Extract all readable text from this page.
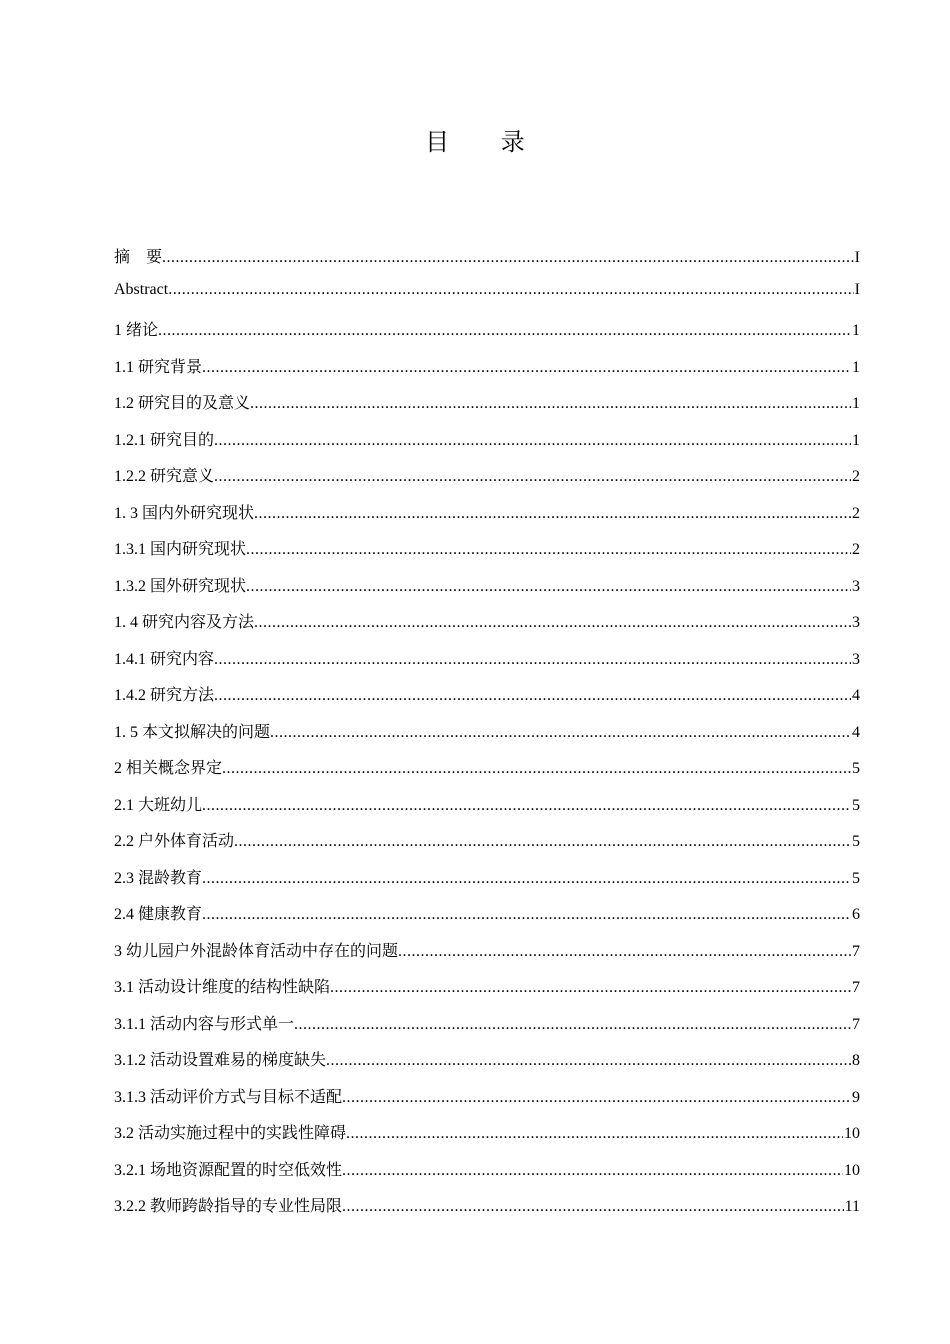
目 录
摘　要 .....	I
Abstract .....	I
1 绪论 .....	1
1.1 研究背景 .....	1
1.2 研究目的及意义 .....	1
1.2.1 研究目的 .....	1
1.2.2 研究意义 .....	2
1. 3 国内外研究现状 .....	2
1.3.1 国内研究现状 .....	2
1.3.2 国外研究现状 .....	3
1. 4 研究内容及方法 .....	3
1.4.1 研究内容 .....	3
1.4.2 研究方法 .....	4
1. 5 本文拟解决的问题 .....	4
2 相关概念界定 .....	5
2.1 大班幼儿 .....	5
2.2 户外体育活动 .....	5
2.3 混龄教育 .....	5
2.4 健康教育 .....	6
3 幼儿园户外混龄体育活动中存在的问题 .....	7
3.1 活动设计维度的结构性缺陷 .....	7
3.1.1 活动内容与形式单一 .....	7
3.1.2 活动设置难易的梯度缺失 .....	8
3.1.3 活动评价方式与目标不适配 .....	9
3.2 活动实施过程中的实践性障碍 .....	10
3.2.1 场地资源配置的时空低效性 .....	10
3.2.2 教师跨龄指导的专业性局限 .....	11
